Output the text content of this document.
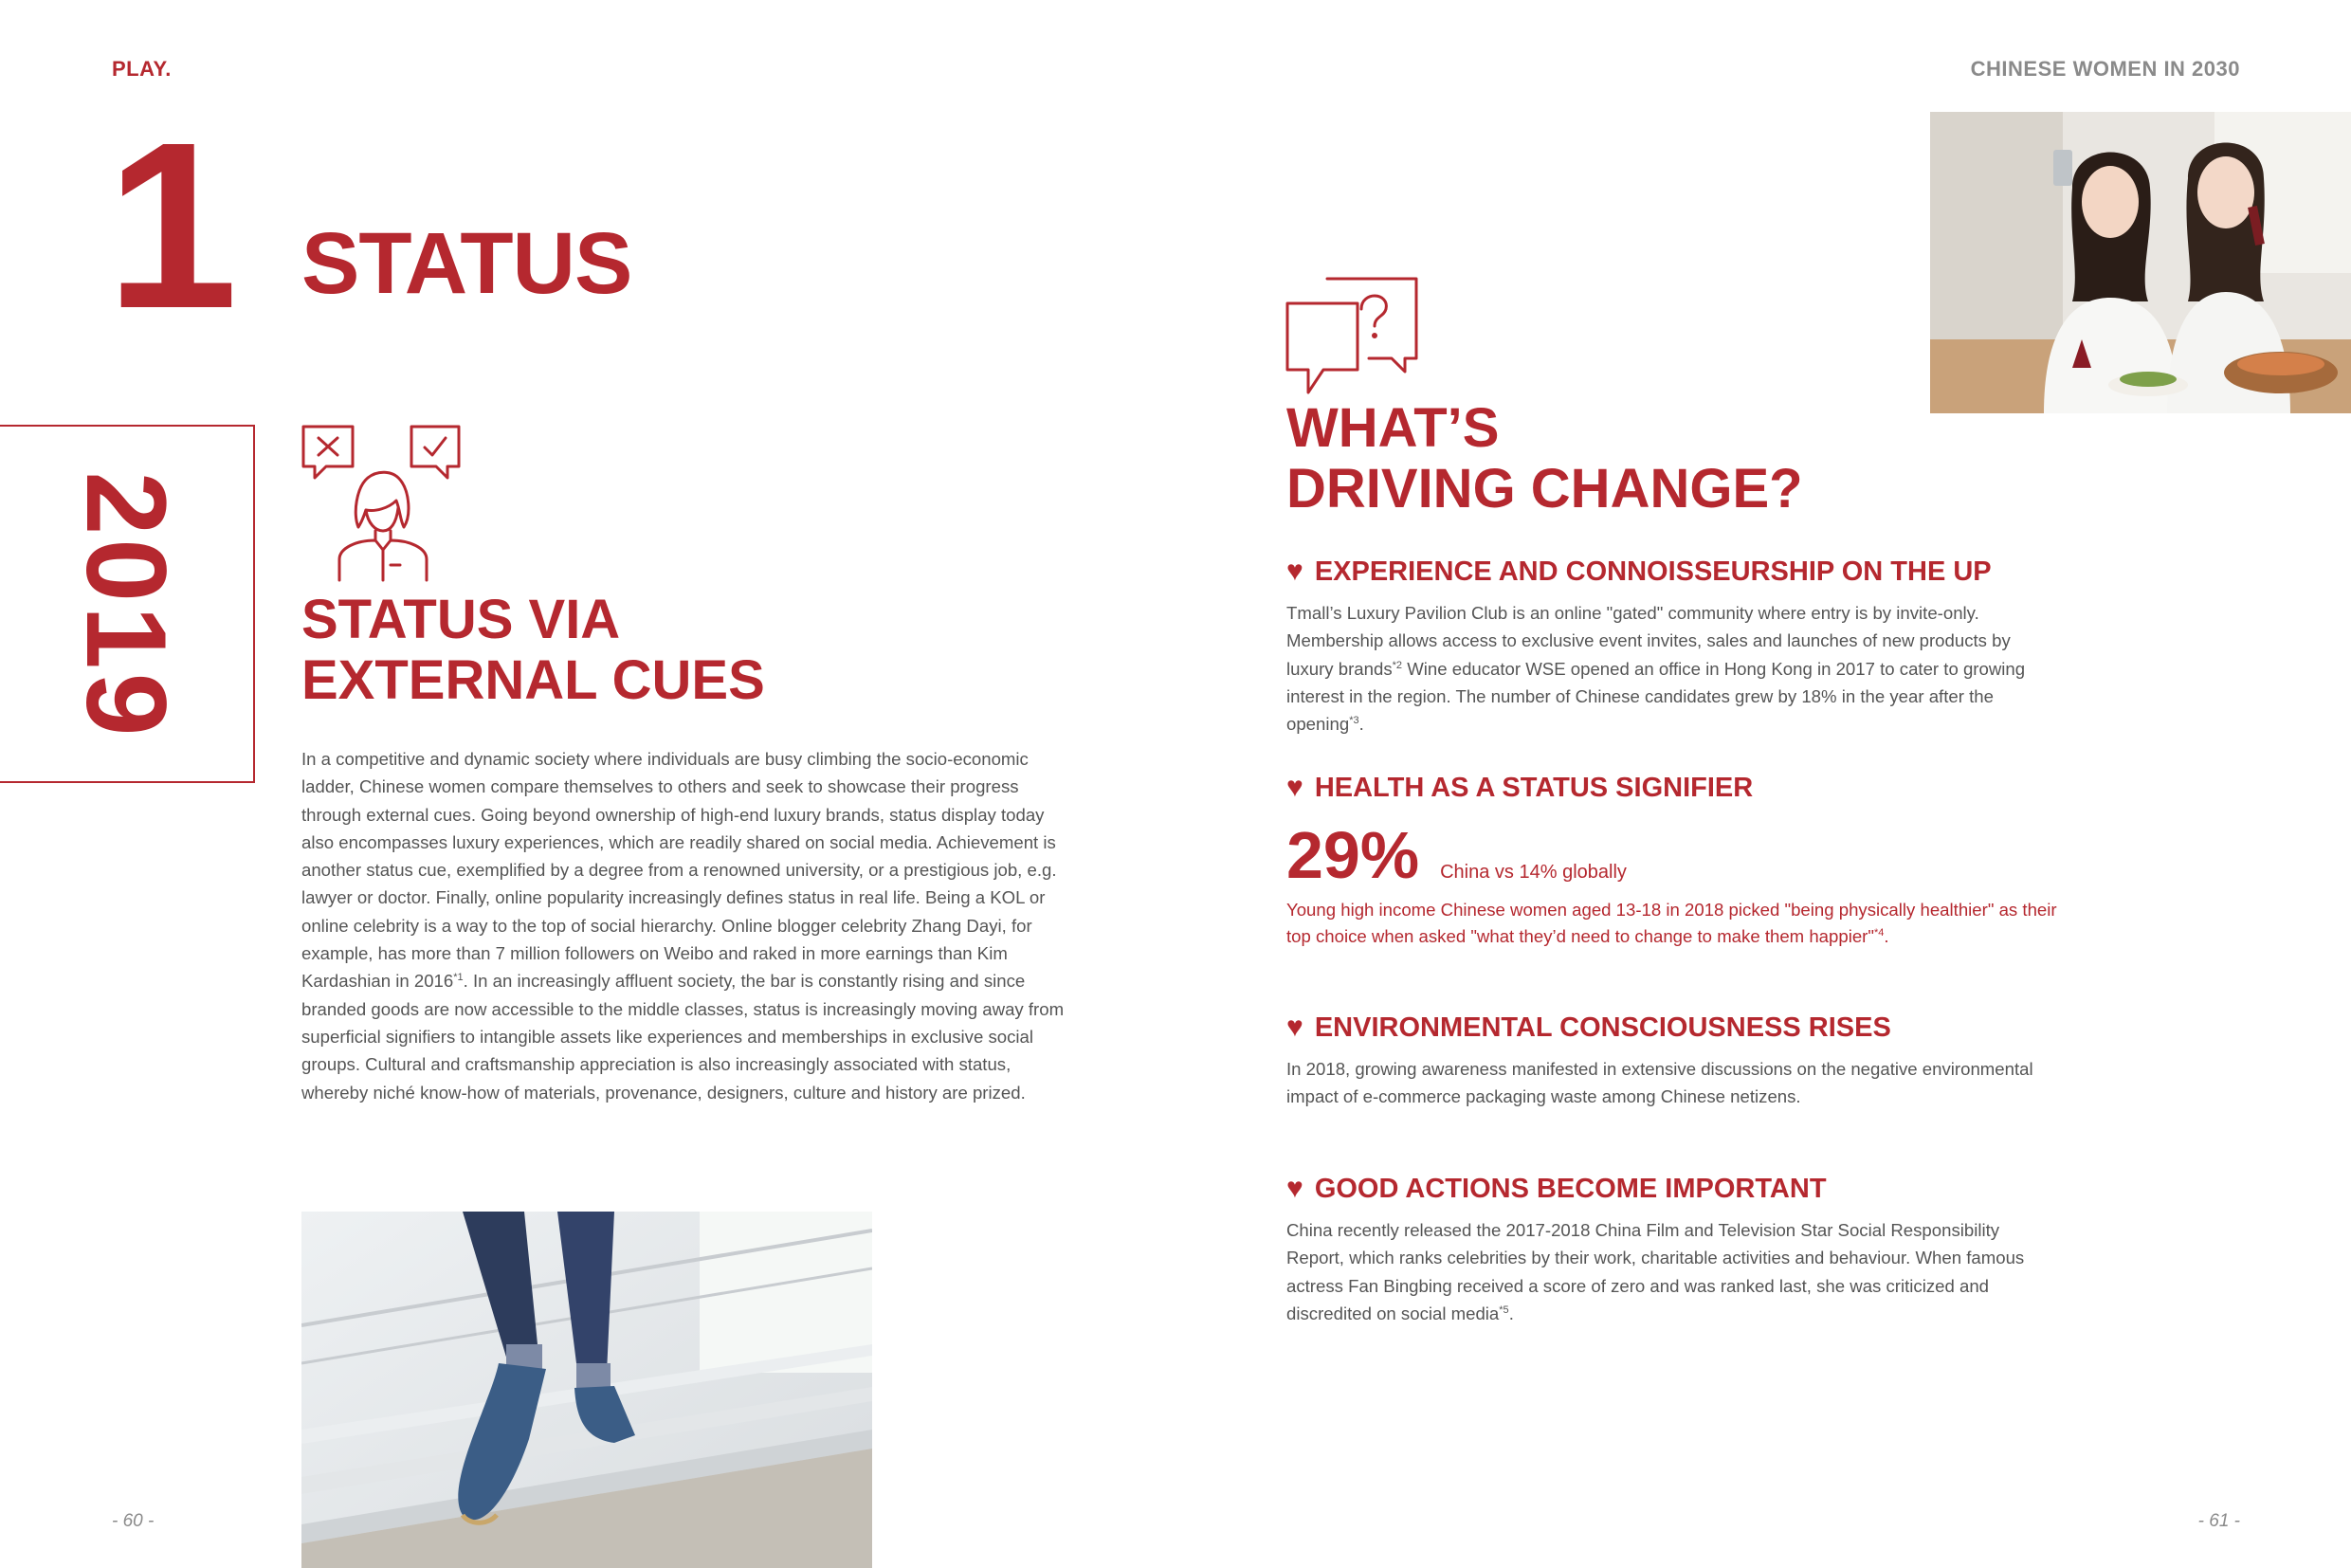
PLAY.	CHINESE WOMEN IN 2030
1 STATUS
2019 STATUS VIA
EXTERNAL CUES

In a competitive and dynamic society where individuals are busy climbing the socio-economic ladder, Chinese women compare themselves to others and seek to showcase their progress through external cues. Going beyond ownership of high-end luxury brands, status display today also encompasses luxury experiences, which are readily shared on social media. Achievement is another status cue, exemplified by a degree from a renowned university, or a prestigious job, e.g. lawyer or doctor. Finally, online popularity increasingly defines status in real life. Being a KOL or online celebrity is a way to the top of social hierarchy. Online blogger celebrity Zhang Dayi, for example, has more than 7 million followers on Weibo and raked in more earnings than Kim Kardashian in 2016$^{*1}$. In an increasingly affluent society, the bar is constantly rising and since branded goods are now accessible to the middle classes, status is increasingly moving away from superficial signifiers to intangible assets like experiences and memberships in exclusive social groups. Cultural and craftsmanship appreciation is also increasingly associated with status, whereby niché know-how of materials, provenance, designers, culture and history are prized.

- 60 -	- 61 -
WHAT’S
DRIVING CHANGE?
♥ EXPERIENCE AND CONNOISSEURSHIP ON THE UP

Tmall’s Luxury Pavilion Club is an online "gated" community where entry is by invite-only. Membership allows access to exclusive event invites, sales and launches of new products by luxury brands$^{*2}$ Wine educator WSE opened an office in Hong Kong in 2017 to cater to growing interest in the region. The number of Chinese candidates grew by 18% in the year after the opening$^{*3}$.

♥ HEALTH AS A STATUS SIGNIFIER
29% China vs 14% globally
Young high income Chinese women aged 13-18 in 2018 picked "being physically healthier" as their top choice when asked "what they’d need to change to make them happier"$^{*4}$.
♥ ENVIRONMENTAL CONSCIOUSNESS RISES

In 2018, growing awareness manifested in extensive discussions on the negative environmental impact of e-commerce packaging waste among Chinese netizens.

♥ GOOD ACTIONS BECOME IMPORTANT

China recently released the 2017-2018 China Film and Television Star Social Responsibility Report, which ranks celebrities by their work, charitable activities and behaviour. When famous actress Fan Bingbing received a score of zero and was ranked last, she was criticized and discredited on social media$^{*5}$.
